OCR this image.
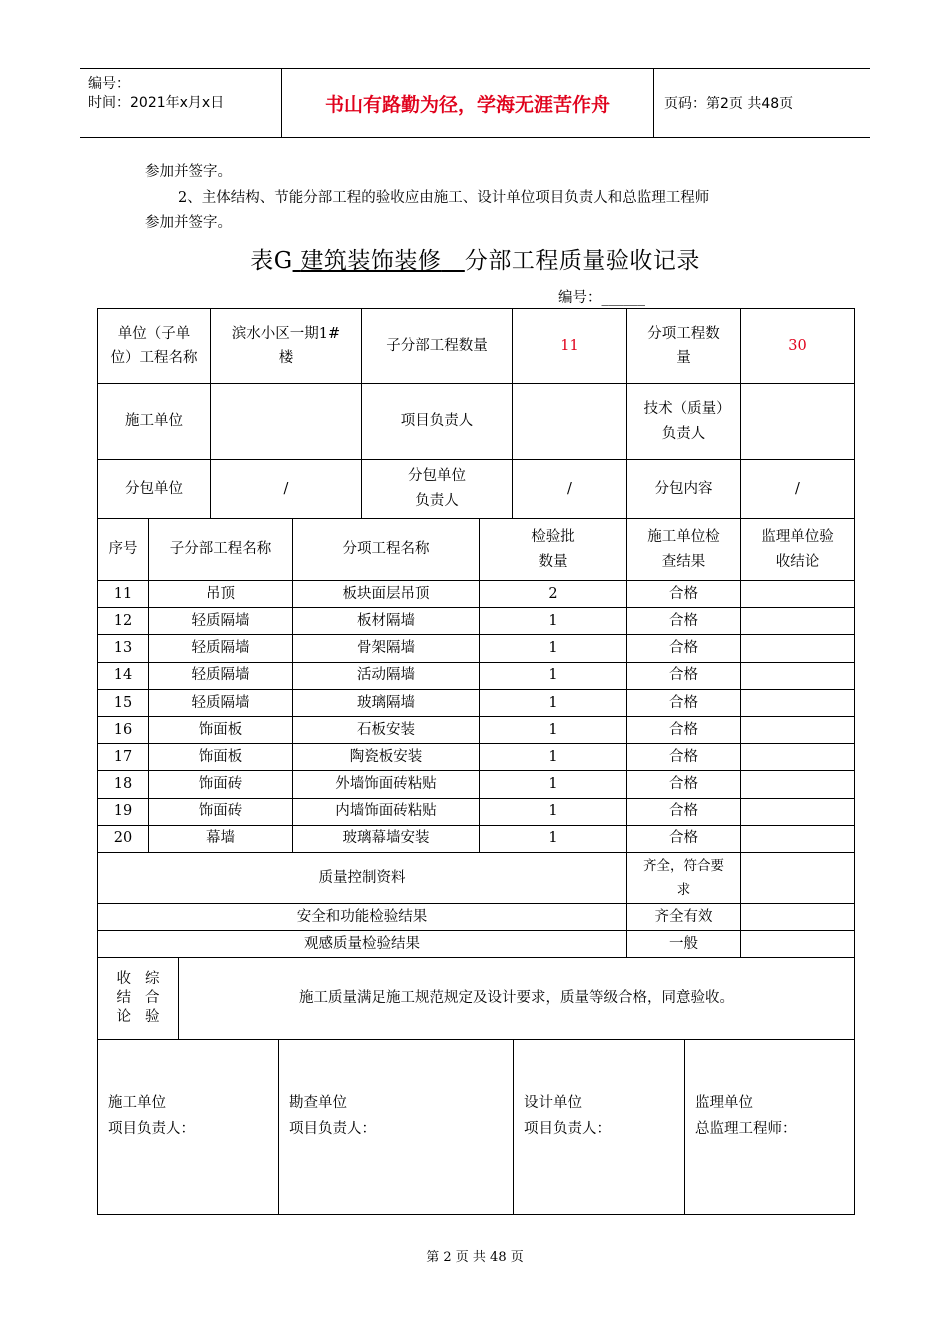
编号：
时间：2021年x月x日	书山有路勤为径，学海无涯苦作舟	页码：第2页 共48页
参加并签字。
2、主体结构、节能分部工程的验收应由施工、设计单位项目负责人和总监理工程师
参加并签字。
表G 建筑装饰装修 分部工程质量验收记录
编号：______
单位（子单位）工程名称	滨水小区一期1#楼	子分部工程数量	11	分项工程数量	30
施工单位		项目负责人		技术（质量）负责人	

分包单位	/	分包单位负责人	/	分包内容	/
序号	子分部工程名称	分项工程名称	检验批数量	施工单位检查结果	监理单位验收结论

11	吊顶	板块面层吊顶	2	合格	
12	轻质隔墙	板材隔墙	1	合格	
13	轻质隔墙	骨架隔墙	1	合格	
14	轻质隔墙	活动隔墙	1	合格	
15	轻质隔墙	玻璃隔墙	1	合格	
16	饰面板	石板安装	1	合格	
17	饰面板	陶瓷板安装	1	合格	
18	饰面砖	外墙饰面砖粘贴	1	合格	
19	饰面砖	内墙饰面砖粘贴	1	合格	
20	幕墙	玻璃幕墙安装	1	合格	
质量控制资料	齐全，符合要求	

安全和功能检验结果	齐全有效	
观感质量检验结果	一般	
收
结
论
综
合
验
	施工质量满足施工规范规定及设计要求，质量等级合格，同意验收。
施工单位
项目负责人：

勘查单位
项目负责人：

设计单位
项目负责人：

监理单位
总监理工程师：
第 2 页 共 48 页
